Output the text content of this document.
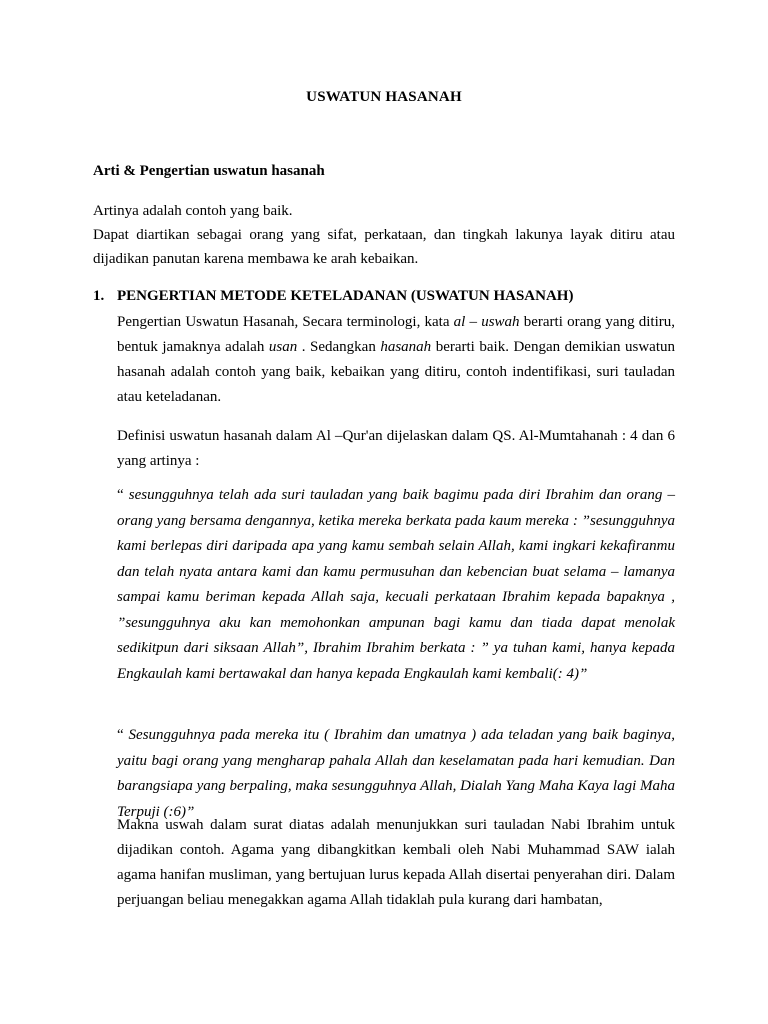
USWATUN HASANAH
Arti & Pengertian uswatun hasanah

Artinya adalah contoh yang baik.

Dapat diartikan sebagai orang yang sifat, perkataan, dan tingkah lakunya layak ditiru atau dijadikan panutan karena membawa ke arah kebaikan.

1. PENGERTIAN METODE KETELADANAN (USWATUN HASANAH)

Pengertian Uswatun Hasanah, Secara terminologi, kata al – uswah berarti orang yang ditiru, bentuk jamaknya adalah usan . Sedangkan hasanah berarti baik. Dengan demikian uswatun hasanah adalah contoh yang baik, kebaikan yang ditiru, contoh indentifikasi, suri tauladan atau keteladanan.

Definisi uswatun hasanah dalam Al –Qur'an dijelaskan dalam QS. Al-Mumtahanah : 4 dan 6 yang artinya :

“ sesungguhnya telah ada suri tauladan yang baik bagimu pada diri Ibrahim dan orang – orang yang bersama dengannya, ketika mereka berkata pada kaum mereka : ”sesungguhnya kami berlepas diri daripada apa yang kamu sembah selain Allah, kami ingkari kekafiranmu dan telah nyata antara kami dan kamu permusuhan dan kebencian buat selama – lamanya sampai kamu beriman kepada Allah saja, kecuali perkataan Ibrahim kepada bapaknya , ”sesungguhnya aku kan memohonkan ampunan bagi kamu dan tiada dapat menolak sedikitpun dari siksaan Allah”, Ibrahim Ibrahim berkata : ” ya tuhan kami, hanya kepada Engkaulah kami bertawakal dan hanya kepada Engkaulah kami kembali(: 4)”

“ Sesungguhnya pada mereka itu ( Ibrahim dan umatnya ) ada teladan yang baik baginya, yaitu bagi orang yang mengharap pahala Allah dan keselamatan pada hari kemudian. Dan barangsiapa yang berpaling, maka sesungguhnya Allah, Dialah Yang Maha Kaya lagi Maha Terpuji (:6)”

Makna uswah dalam surat diatas adalah menunjukkan suri tauladan Nabi Ibrahim untuk dijadikan contoh. Agama yang dibangkitkan kembali oleh Nabi Muhammad SAW ialah agama hanifan musliman, yang bertujuan lurus kepada Allah disertai penyerahan diri. Dalam perjuangan beliau menegakkan agama Allah tidaklah pula kurang dari hambatan,
